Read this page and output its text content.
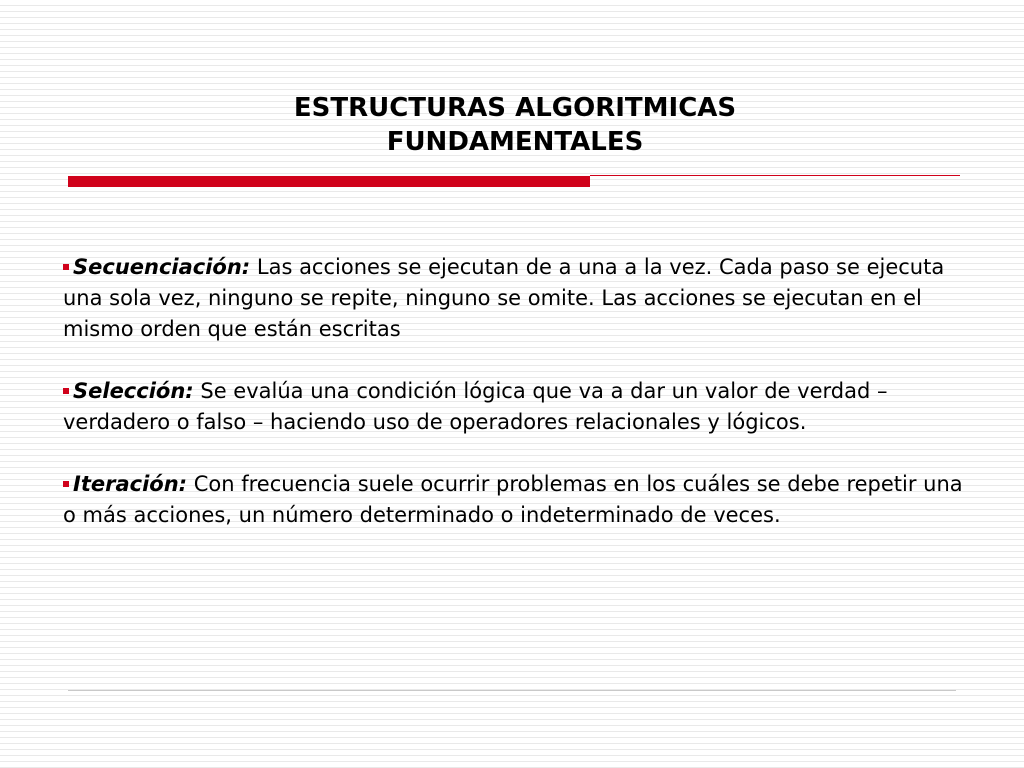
ESTRUCTURAS ALGORITMICAS
FUNDAMENTALES

Secuenciación: Las acciones se ejecutan de a una a la vez. Cada paso se ejecuta una sola vez, ninguno se repite, ninguno se omite. Las acciones se ejecutan en el mismo orden que están escritas

Selección: Se evalúa una condición lógica que va a dar un valor de verdad – verdadero o falso – haciendo uso de operadores relacionales y lógicos.

Iteración: Con frecuencia suele ocurrir problemas en los cuáles se debe repetir una o más acciones, un número determinado o indeterminado de veces.
